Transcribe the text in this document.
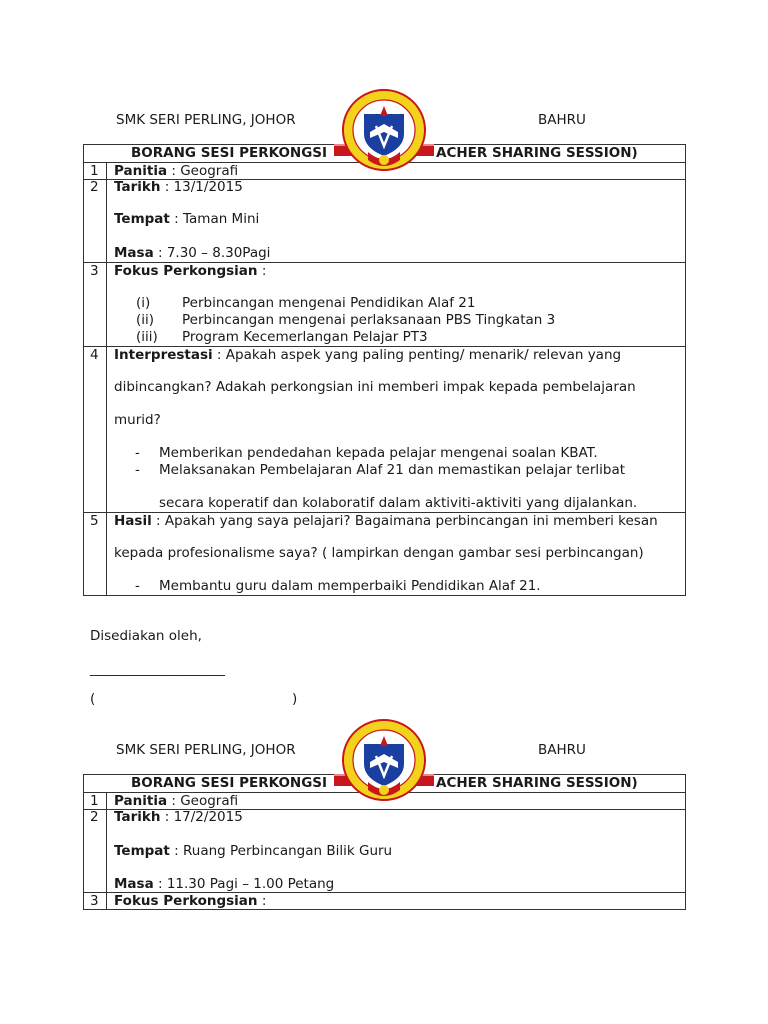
SMK SERI PERLING, JOHOR	BAHRU
BORANG SESI PERKONGSI	ACHER SHARING SESSION)
1 Panitia : Geografi
2 Tarikh : 13/1/2015
Tempat : Taman Mini
Masa : 7.30 – 8.30Pagi
3 Fokus Perkongsian :
(i) Perbincangan mengenai Pendidikan Alaf 21
(ii) Perbincangan mengenai perlaksanaan PBS Tingkatan 3
(iii) Program Kecemerlangan Pelajar PT3
4 Interprestasi : Apakah aspek yang paling penting/ menarik/ relevan yang
dibincangkan? Adakah perkongsian ini memberi impak kepada pembelajaran
murid?
- Memberikan pendedahan kepada pelajar mengenai soalan KBAT.
- Melaksanakan Pembelajaran Alaf 21 dan memastikan pelajar terlibat
secara koperatif dan kolaboratif dalam aktiviti-aktiviti yang dijalankan.
5 Hasil : Apakah yang saya pelajari? Bagaimana perbincangan ini memberi kesan
kepada profesionalisme saya? ( lampirkan dengan gambar sesi perbincangan)
- Membantu guru dalam memperbaiki Pendidikan Alaf 21.
Disediakan oleh,
____________________
(	)
SMK SERI PERLING, JOHOR	BAHRU
BORANG SESI PERKONGSI	ACHER SHARING SESSION)
1 Panitia : Geografi
2 Tarikh : 17/2/2015
Tempat : Ruang Perbincangan Bilik Guru
Masa : 11.30 Pagi – 1.00 Petang
3 Fokus Perkongsian :
